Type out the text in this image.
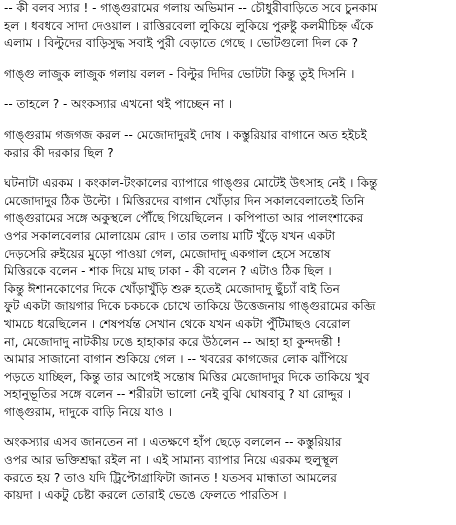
-- কী বলব স্যার ! - গাঙ্গুরামের গলায় অভিমান -- চৌধুরীবাড়িতে সবে চুনকাম

হল । ধবধবে সাদা দেওয়াল । রাত্তিরবেলা লুকিয়ে লুকিয়ে পুরুষ্টু কলমীচিহ্ন এঁকে

এলাম । বিল্টুদের বাড়িসুদ্ধ সবাই পুরী বেড়াতে গেছে । ভোটগুলো দিল কে ?

গাঙ্গু লাজুক লাজুক গলায় বলল - বিল্টুর দিদির ভোটটা কিন্তু তুই দিসনি ।

-- তাহলে ? - অংকস্যার এখনো থই পাচ্ছেন না ।

গাঙ্গুরাম গজগজ করল -- মেজোদাদুরই দোষ । কস্তুরিয়ার বাগানে অত হইচই

করার কী দরকার ছিল ?

ঘটনাটা এরকম । কংকাল-টংকালের ব্যাপারে গাঙ্গুর মোটেই উৎসাহ নেই । কিন্তু

মেজোদাদুর ঠিক উল্টো । মিত্তিরদের বাগান খোঁড়ার দিন সকালবেলাতেই তিনি

গাঙ্গুরামের সঙ্গে অকুস্থলে পৌঁছে গিয়েছিলেন । কপিপাতা আর পালংশাকের

ওপর সকালবেলার মোলায়েম রোদ । তার তলায় মাটি খুঁড়ে যখন একটা

দেড়সেরি রুইয়ের মুড়ো পাওয়া গেল, মেজোদাদু একগাল হেসে সন্তোষ

মিত্তিরকে বলেন - শাক দিয়ে মাছ ঢাকা - কী বলেন ? এটাও ঠিক ছিল ।

কিন্তু ঈশানকোণের দিকে খোঁড়াখুঁড়ি শুরু হতেই মেজোদাদু ছুঁচ্যাঁ বাই তিন

ফুট একটা জায়গার দিকে চকচকে চোখে তাকিয়ে উত্তেজনায় গাঙ্গুরামের কব্জি

খামচে ধরেছিলেন । শেষপর্যন্ত সেখান থেকে যখন একটা পুঁটিমাছও বেরোল

না, মেজোদাদু নাটকীয় ঢঙে হাহাকার করে উঠলেন -- আহা হা কুন্দদন্তী !

আমার সাজানো বাগান শুকিয়ে গেল । -- খবরের কাগজের লোক ঝাঁপিয়ে

পড়তে যাচ্ছিল, কিন্তু তার আগেই সন্তোষ মিত্তির মেজোদাদুর দিকে তাকিয়ে খুব

সহানুভূতির সঙ্গে বলেন -- শরীরটা ভালো নেই বুঝি ঘোষবাবু ? যা রোদ্দুর ।

গাঙ্গুরাম, দাদুকে বাড়ি নিয়ে যাও ।

অংকস্যার এসব জানতেন না । এতক্ষণে হাঁপ ছেড়ে বললেন -- কস্তুরিয়ার

ওপর আর ভক্তিশ্রদ্ধা রইল না । এই সামান্য ব্যাপার নিয়ে এরকম হুলুস্থূল

করতে হয় ? তাও যদি ট্রিপ্টোগ্রাফিটা জানত ! যতসব মান্ধাতা আমলের

কায়দা । একটু চেষ্টা করলে তোরাই ভেঙে ফেলতে পারতিস ।
